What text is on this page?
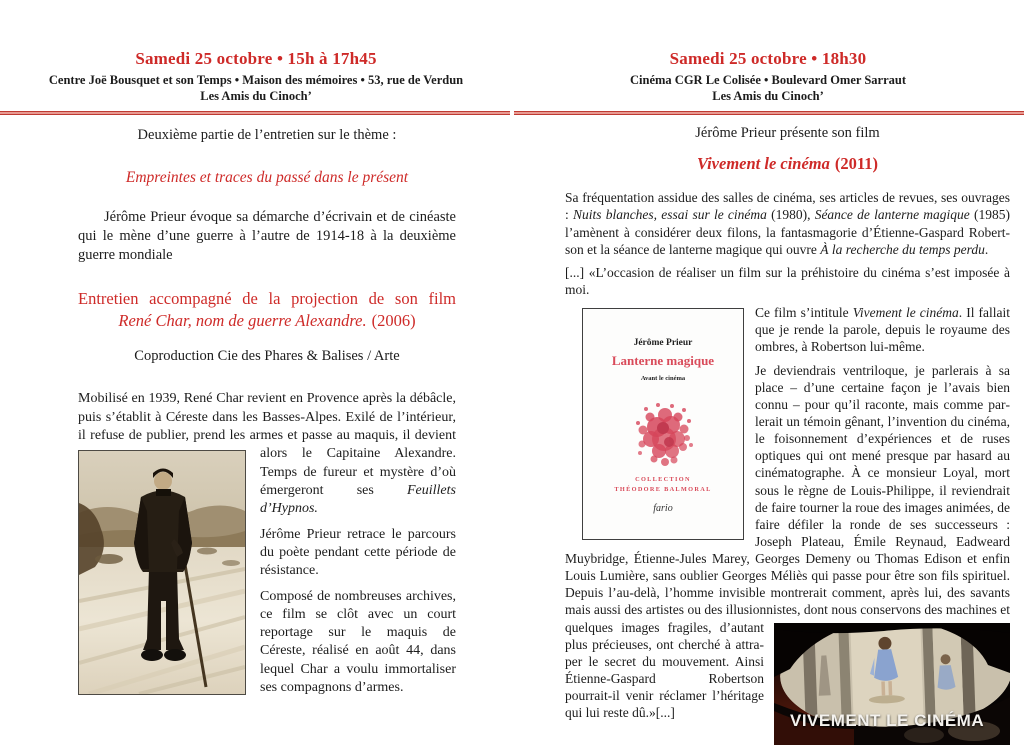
Samedi 25 octobre • 15h à 17h45
Centre Joë Bousquet et son Temps • Maison des mémoires • 53, rue de Verdun
Les Amis du Cinoch’

Deuxième partie de l’entretien sur le thème :

Empreintes et traces du passé dans le présent

Jérôme Prieur évoque sa démarche d’écrivain et de cinéaste qui le mène d’une guerre à l’autre de 1914-18 à la deuxième guerre mondiale

Entretien accompagné de la projection de son film

René Char, nom de guerre Alexandre. (2006)

Coproduction Cie des Phares & Balises / Arte

Mobilisé en 1939, René Char revient en Provence après la débâcle, puis s’établit à Céreste dans les Basses-Alpes. Exilé de l’intérieur, il refuse de publier, prend les armes et passe au
maquis, il devient alors le Capitaine Alexandre. Temps de fureur et mystère d’où émergeront ses Feuillets d’Hypnos.

Jérôme Prieur retrace le parcours du poète pendant cette période de résistance.

Composé de nombreuses archives, ce film se clôt avec un court reportage sur le maquis de Céreste, réalisé en août 44, dans lequel Char a voulu immortaliser ses compagnons d’armes.

Samedi 25 octobre • 18h30
Cinéma CGR Le Colisée • Boulevard Omer Sarraut
Les Amis du Cinoch’

Jérôme Prieur présente son film

Vivement le cinéma (2011)

Sa fréquentation assidue des salles de cinéma, ses articles de revues, ses ouvrages : Nuits blanches, essai sur le cinéma (1980), Séance de lanterne magique (1985) l’amènent à considérer deux filons, la fantasmagorie d’Étienne-Gaspard Robertson et la séance de lanterne magique qui ouvre À la recherche du temps perdu.

[...] «L’occasion de réaliser un film sur la préhistoire du cinéma s’est imposée à moi.

Jérôme Prieur
Lanterne magique
Avant le cinéma
COLLECTION
THÉODORE BALMORAL
fario
Ce film s’intitule Vivement le cinéma. Il fallait que je rende la parole, depuis le royaume des ombres, à Robertson lui-même.

Je deviendrais ventriloque, je parlerais à sa place – d’une certaine façon je l’avais bien connu – pour qu’il raconte, mais comme parlerait un témoin gênant, l’invention du cinéma, le foisonnement d’expériences et de ruses optiques qui ont mené presque par hasard au cinématographe. À ce monsieur Loyal, mort sous le règne de Louis-Philippe, il reviendrait de faire tourner la roue des images animées, de faire défiler la ronde de ses successeurs : Joseph Plateau, Émile Reynaud, Eadweard Muybridge, Étienne-Jules Marey, Georges Demeny ou Thomas Edison et enfin Louis Lumière, sans oublier Georges Méliès qui passe pour être son fils spirituel. Depuis l’au-delà, l’homme invisible montrerait comment, après lui, des savants mais aussi des artistes ou des illusionnistes, dont
VIVEMENT LE CINÉMA
nous conservons des machines et quelques images fragiles, d’autant plus précieuses, ont cherché à attraper le secret du mouvement. Ainsi Étienne-Gaspard Robertson pourrait-il venir réclamer l’héritage qui lui reste dû.»[...]
